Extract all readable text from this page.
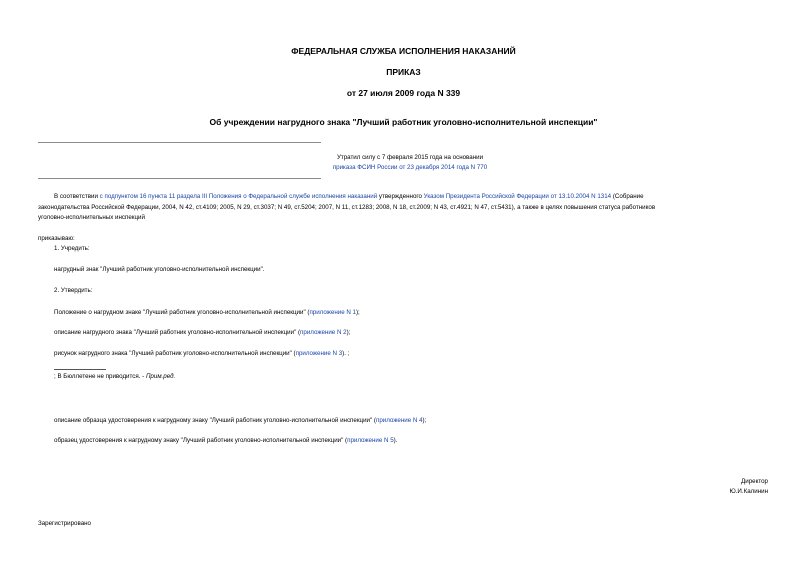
ФЕДЕРАЛЬНАЯ СЛУЖБА ИСПОЛНЕНИЯ НАКАЗАНИЙ
ПРИКАЗ
от 27 июля 2009 года N 339
Об учреждении нагрудного знака "Лучший работник уголовно-исполнительной инспекции"
Утратил силу с 7 февраля 2015 года на основании
приказа ФСИН России от 23 декабря 2014 года N 770
В соответствии с подпунктом 16 пункта 11 раздела III Положения о Федеральной службе исполнения наказаний утвержденного Указом Президента Российской Федерации от 13.10.2004 N 1314 (Собрание
законодательства Российской Федерации, 2004, N 42, ст.4109; 2005, N 29, ст.3037; N 49, ст.5204; 2007, N 11, ст.1283; 2008, N 18, ст.2009; N 43, ст.4921; N 47, ст.5431), а также в целях повышения статуса работников
уголовно-исполнительных инспекций
приказываю:
1. Учредить:
нагрудный знак "Лучший работник уголовно-исполнительной инспекции".
2. Утвердить:
Положение о нагрудном знаке "Лучший работник уголовно-исполнительной инспекции" (приложение N 1);
описание нагрудного знака "Лучший работник уголовно-исполнительной инспекции" (приложение N 2);
рисунок нагрудного знака "Лучший работник уголовно-исполнительной инспекции" (приложение N 3). ;
; В Бюллетене не приводится. - Прим.ред.
описание образца удостоверения к нагрудному знаку "Лучший работник уголовно-исполнительной инспекции" (приложение N 4);
образец удостоверения к нагрудному знаку "Лучший работник уголовно-исполнительной инспекции" (приложение N 5).
Директор
Ю.И.Калинин
Зарегистрировано
